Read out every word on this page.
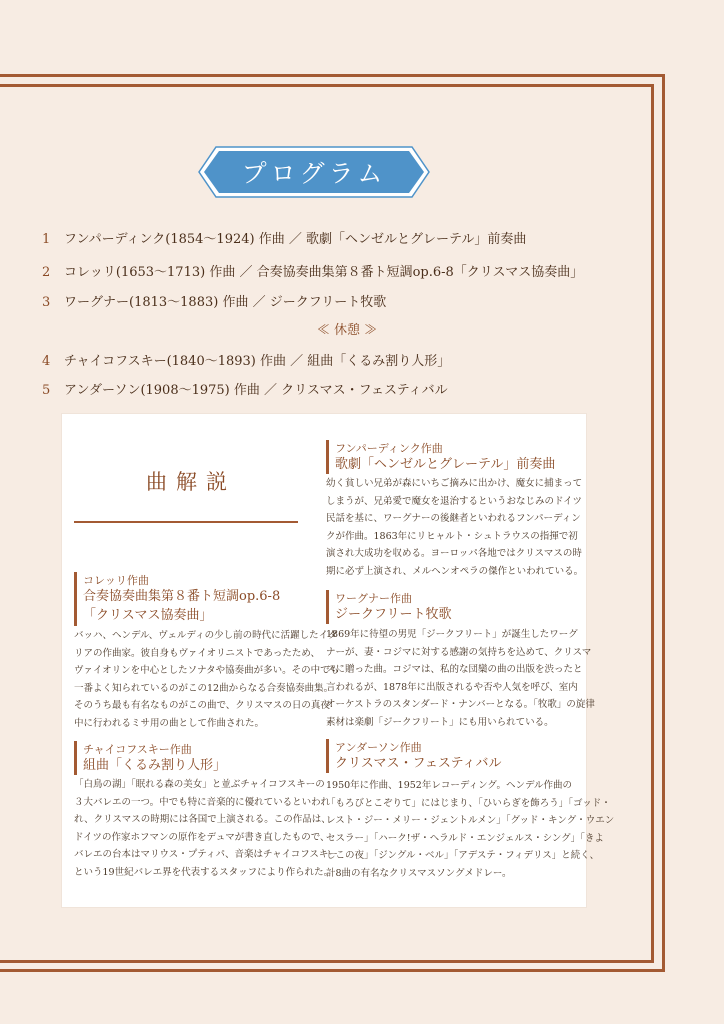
プログラム
1 フンパーディンク(1854～1924) 作曲 ／ 歌劇「ヘンゼルとグレーテル」前奏曲
2 コレッリ(1653～1713) 作曲 ／ 合奏協奏曲集第８番ト短調op.6-8「クリスマス協奏曲」
3 ワーグナー(1813～1883) 作曲 ／ ジークフリート牧歌
≪ 休憩 ≫
4 チャイコフスキー(1840～1893) 作曲 ／ 組曲「くるみ割り人形」
5 アンダーソン(1908～1975) 作曲 ／ クリスマス・フェスティバル
曲解説
コレッリ作曲
合奏協奏曲集第８番ト短調op.6-8
「クリスマス協奏曲」
バッハ、ヘンデル、ヴェルディの少し前の時代に活躍したイタ
リアの作曲家。彼自身もヴァイオリニストであったため、
ヴァイオリンを中心としたソナタや協奏曲が多い。その中でも
一番よく知られているのがこの12曲からなる合奏協奏曲集。
そのうち最も有名なものがこの曲で、クリスマスの日の真夜
中に行われるミサ用の曲として作曲された。
チャイコフスキー作曲
組曲「くるみ割り人形」
「白鳥の湖」「眠れる森の美女」と並ぶチャイコフスキーの
３大バレエの一つ。中でも特に音楽的に優れているといわれ
れ、クリスマスの時期には各国で上演される。この作品は、
ドイツの作家ホフマンの原作をデュマが書き直したもので、
バレエの台本はマリウス・プティパ、音楽はチャイコフスキー
という19世紀バレエ界を代表するスタッフにより作られた。
フンパーディンク作曲
歌劇「ヘンゼルとグレーテル」前奏曲
幼く貧しい兄弟が森にいちご摘みに出かけ、魔女に捕まって
しまうが、兄弟愛で魔女を退治するというおなじみのドイツ
民話を基に、ワーグナーの後継者といわれるフンパーディン
クが作曲。1863年にリヒャルト・シュトラウスの指揮で初
演され大成功を収める。ヨーロッパ各地ではクリスマスの時
期に必ず上演され、メルヘンオペラの傑作といわれている。
ワーグナー作曲
ジークフリート牧歌
1869年に待望の男児「ジークフリート」が誕生したワーグ
ナーが、妻・コジマに対する感謝の気持ちを込めて、クリスマ
スに贈った曲。コジマは、私的な団欒の曲の出版を渋ったと
言われるが、1878年に出版されるや否や人気を呼び、室内
オーケストラのスタンダード・ナンバーとなる。「牧歌」の旋律
素材は楽劇「ジークフリート」にも用いられている。
アンダーソン作曲
クリスマス・フェスティバル
1950年に作曲、1952年レコーディング。ヘンデル作曲の
「もろびとこぞりて」にはじまり、「ひいらぎを飾ろう」「ゴッド・
レスト・ジー・メリー・ジェントルメン」「グッド・キング・ウエン
セスラー」「ハーク!ザ・ヘラルド・エンジェルス・シング」「きよ
しこの夜」「ジングル・ベル」「アデステ・フィデリス」と続く、
計8曲の有名なクリスマスソングメドレー。
